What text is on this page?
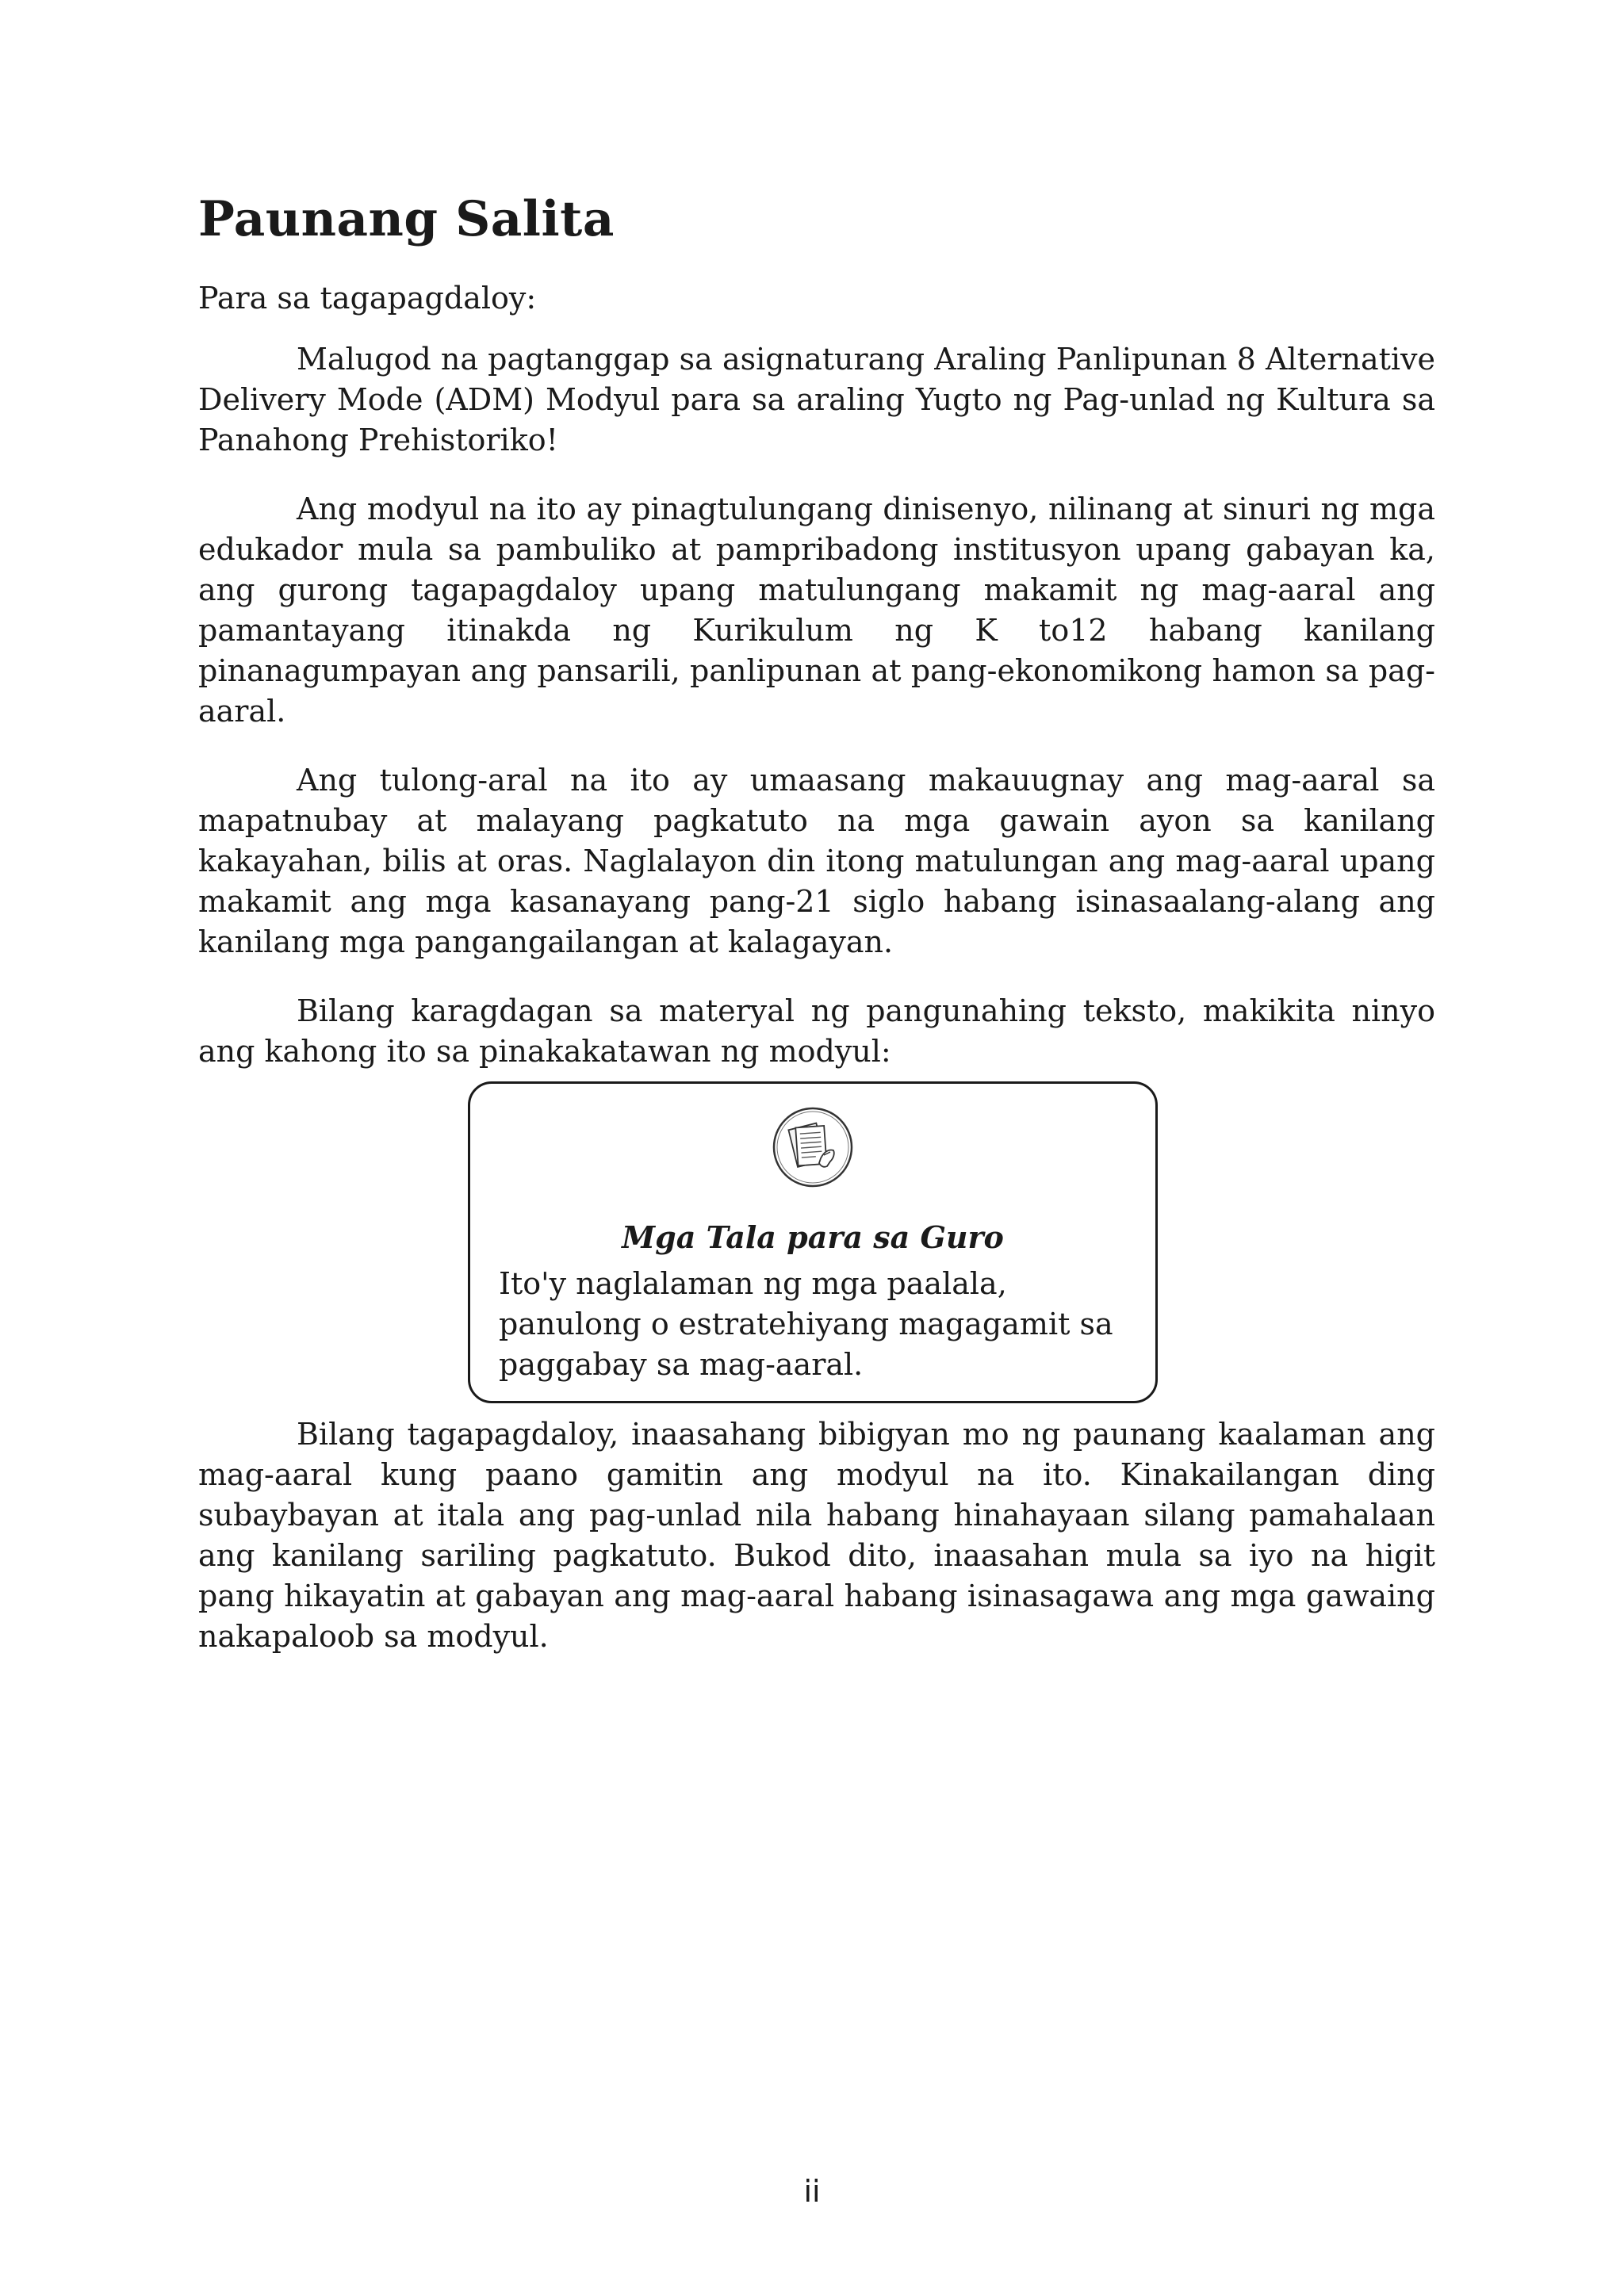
Paunang Salita

Para sa tagapagdaloy:

Malugod na pagtanggap sa asignaturang Araling Panlipunan 8 Alternative Delivery Mode (ADM) Modyul para sa araling Yugto ng Pag-unlad ng Kultura sa Panahong Prehistoriko!

Ang modyul na ito ay pinagtulungang dinisenyo, nilinang at sinuri ng mga edukador mula sa pambuliko at pampribadong institusyon upang gabayan ka, ang gurong tagapagdaloy upang matulungang makamit ng mag-aaral ang pamantayang itinakda ng Kurikulum ng K to12 habang kanilang pinanagumpayan ang pansarili, panlipunan at pang-ekonomikong hamon sa pag-aaral.

Ang tulong-aral na ito ay umaasang makauugnay ang mag-aaral sa mapatnubay at malayang pagkatuto na mga gawain ayon sa kanilang kakayahan, bilis at oras. Naglalayon din itong matulungan ang mag-aaral upang makamit ang mga kasanayang pang-21 siglo habang isinasaalang-alang ang kanilang mga pangangailangan at kalagayan.

Bilang karagdagan sa materyal ng pangunahing teksto, makikita ninyo ang kahong ito sa pinakakatawan ng modyul:

Mga Tala para sa Guro

Ito'y naglalaman ng mga paalala, panulong o estratehiyang magagamit sa paggabay sa mag-aaral.

Bilang tagapagdaloy, inaasahang bibigyan mo ng paunang kaalaman ang mag-aaral kung paano gamitin ang modyul na ito. Kinakailangan ding subaybayan at itala ang pag-unlad nila habang hinahayaan silang pamahalaan ang kanilang sariling pagkatuto. Bukod dito, inaasahan mula sa iyo na higit pang hikayatin at gabayan ang mag-aaral habang isinasagawa ang mga gawaing nakapaloob sa modyul.

ii
